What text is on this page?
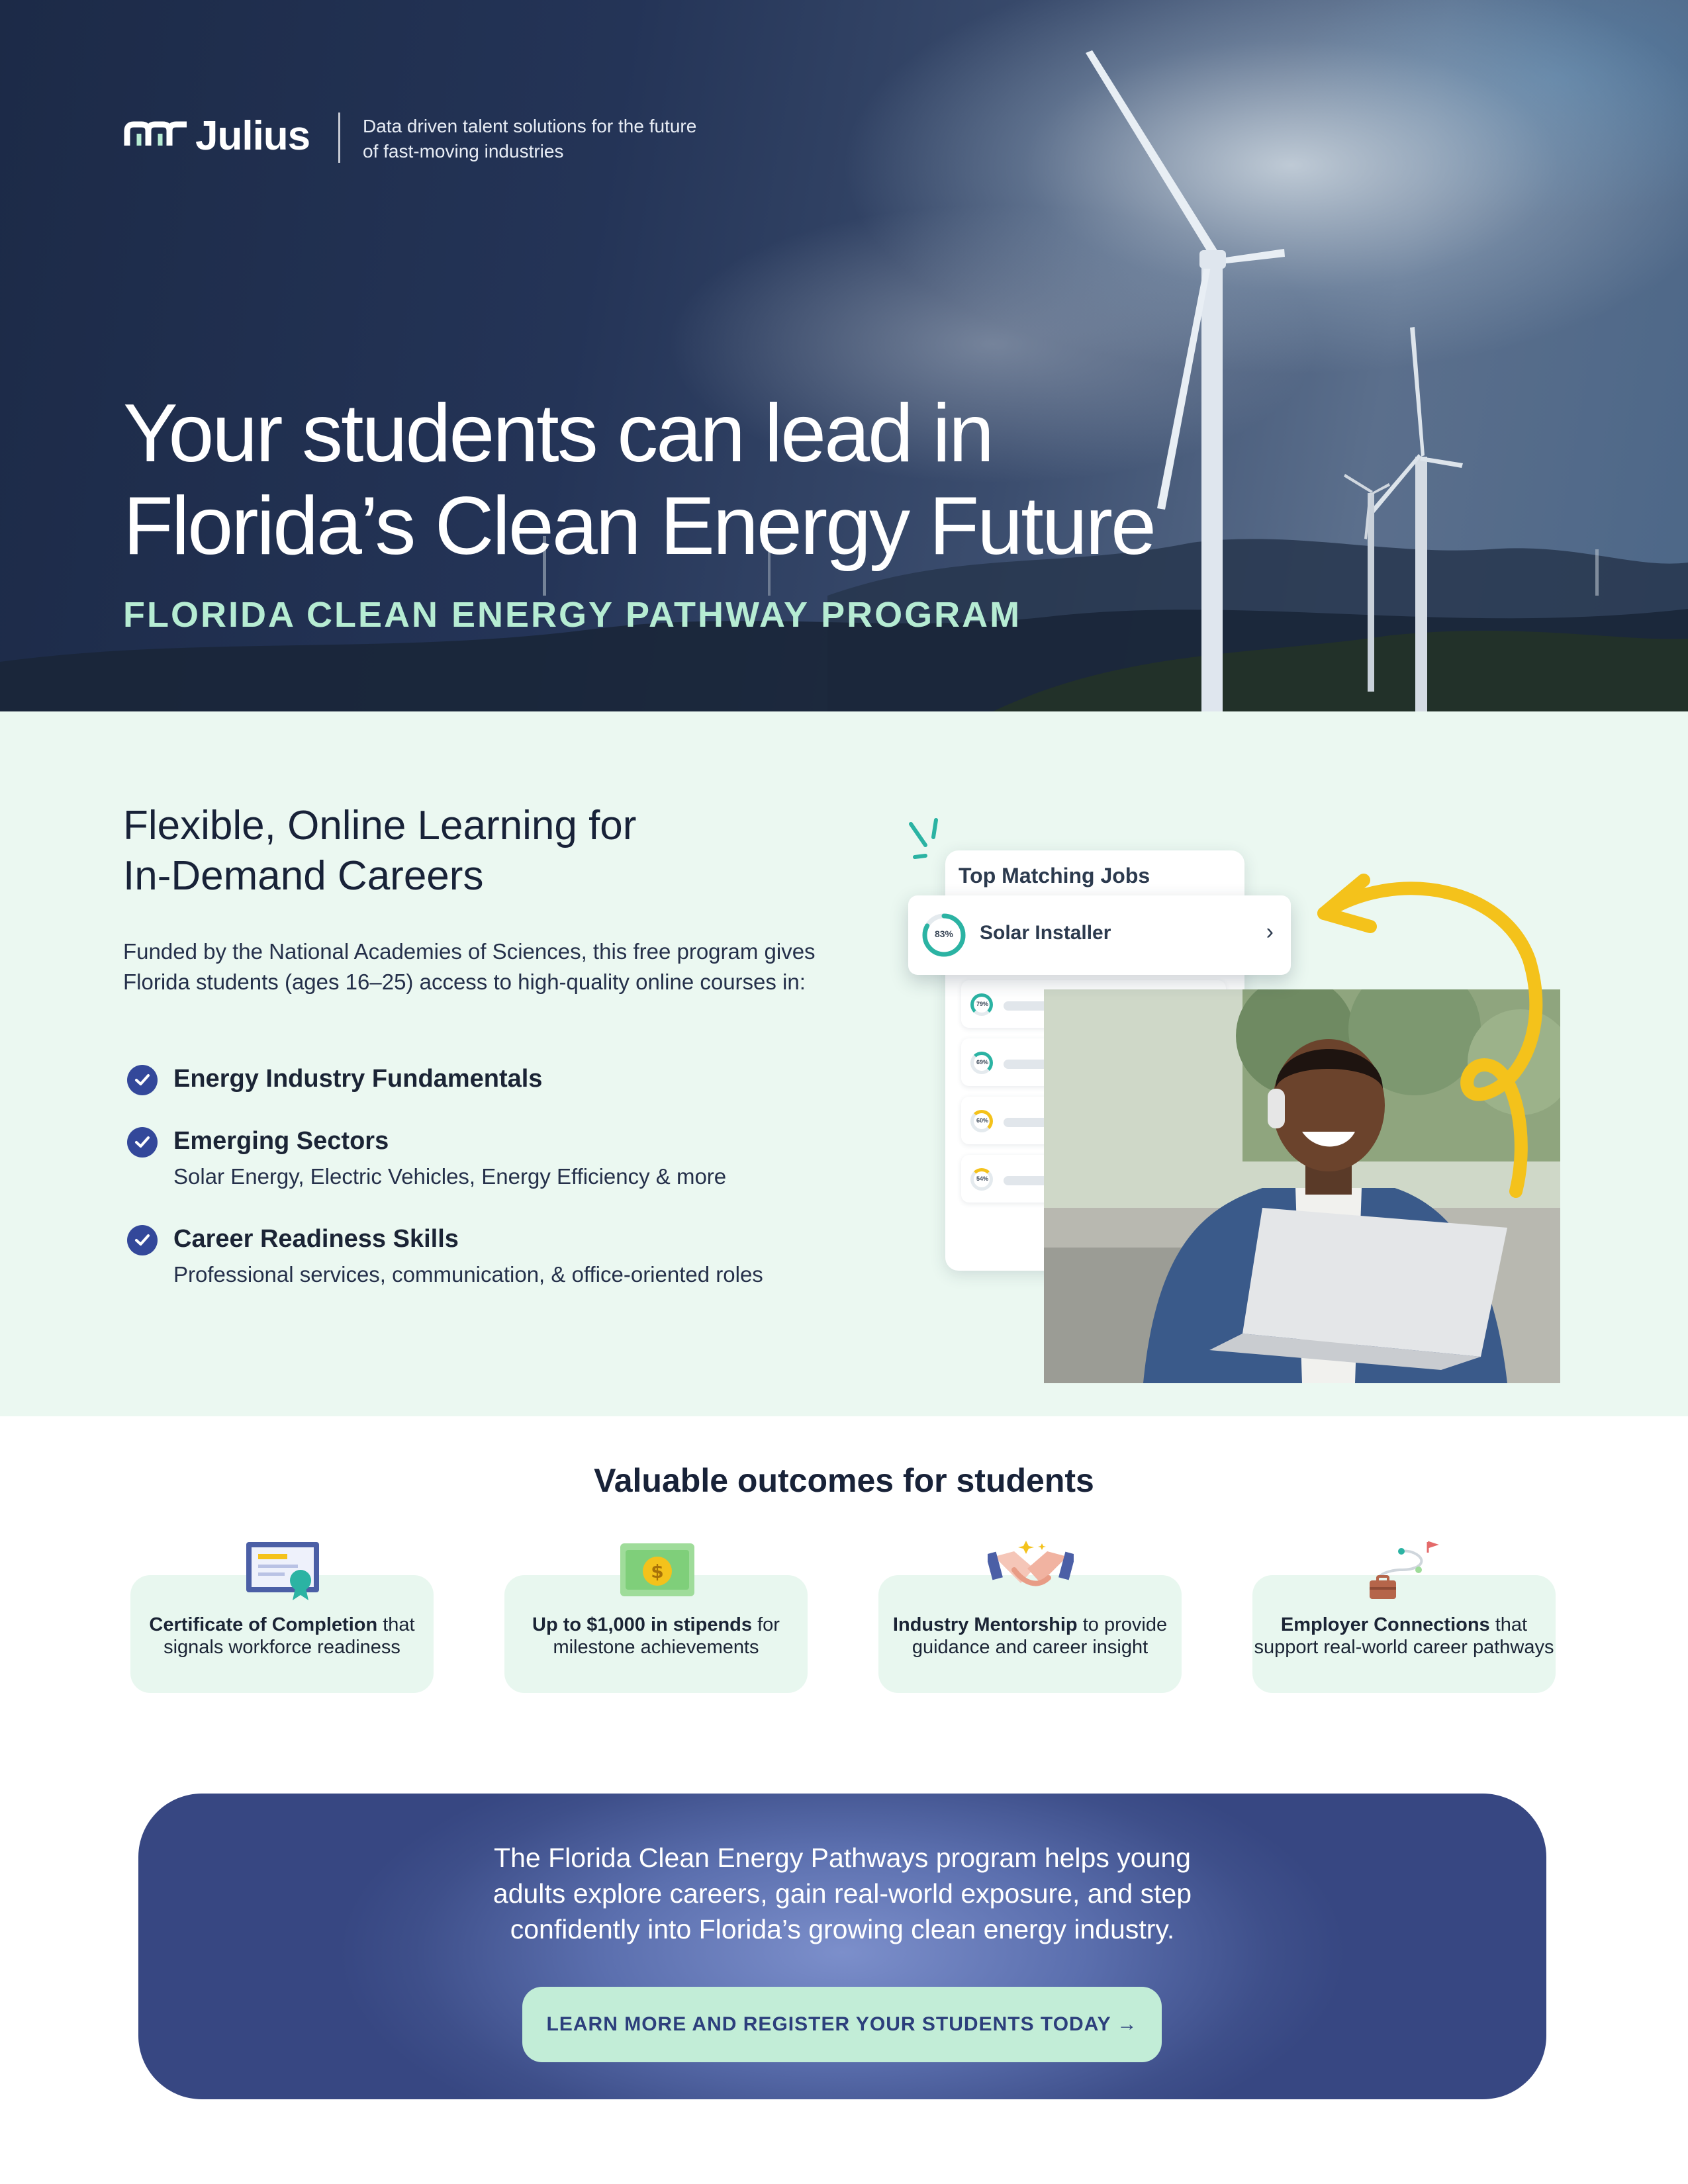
Julius	Data driven talent solutions for the future of fast-moving industries
Your students can lead in
Florida’s Clean Energy Future
FLORIDA CLEAN ENERGY PATHWAY PROGRAM
Flexible, Online Learning for
In-Demand Careers

Funded by the National Academies of Sciences, this free program gives Florida students (ages 16–25) access to high-quality online courses in:

Energy Industry Fundamentals
Emerging Sectors
Solar Energy, Electric Vehicles, Energy Efficiency & more
Career Readiness Skills
Professional services, communication, & office-oriented roles
Top Matching Jobs
79%
69%
60%
54%
83%	Solar Installer	›
Valuable outcomes for students
Certificate of Completion that signals workforce readiness
Up to $1,000 in stipends for milestone achievements
Industry Mentorship to provide guidance and career insight
Employer Connections that support real-world career pathways
$
The Florida Clean Energy Pathways program helps young
adults explore careers, gain real-world exposure, and step
confidently into Florida’s growing clean energy industry.
LEARN MORE AND REGISTER YOUR STUDENTS TODAY →
